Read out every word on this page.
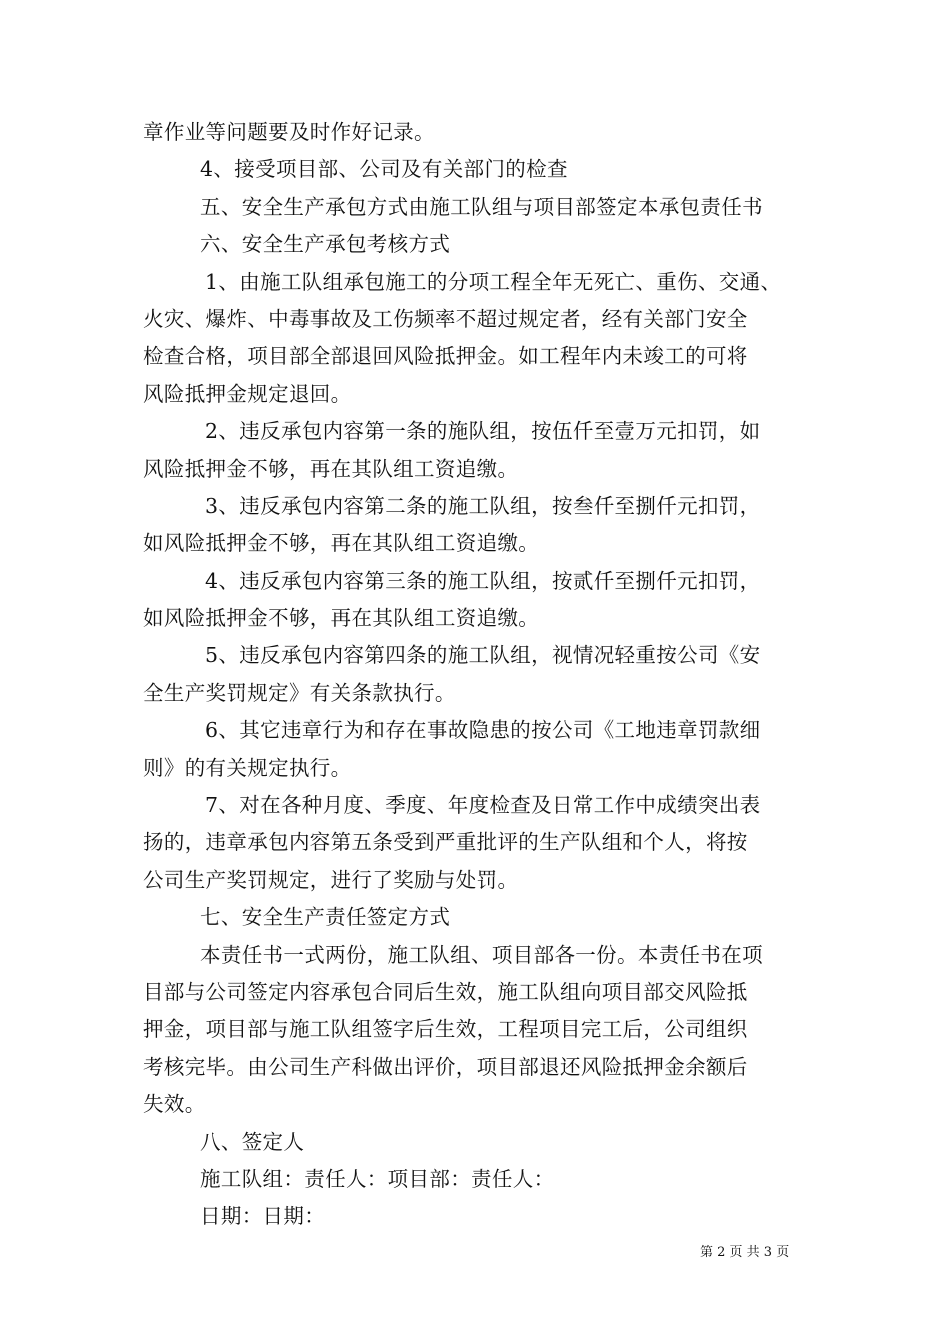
章作业等问题要及时作好记录。
4、接受项目部、公司及有关部门的检查
五、安全生产承包方式由施工队组与项目部签定本承包责任书
六、安全生产承包考核方式
1、由施工队组承包施工的分项工程全年无死亡、重伤、交通、
火灾、爆炸、中毒事故及工伤频率不超过规定者，经有关部门安全
检查合格，项目部全部退回风险抵押金。如工程年内未竣工的可将
风险抵押金规定退回。
2、违反承包内容第一条的施队组，按伍仟至壹万元扣罚，如
风险抵押金不够，再在其队组工资追缴。
3、违反承包内容第二条的施工队组，按叁仟至捌仟元扣罚，
如风险抵押金不够，再在其队组工资追缴。
4、违反承包内容第三条的施工队组，按贰仟至捌仟元扣罚，
如风险抵押金不够，再在其队组工资追缴。
5、违反承包内容第四条的施工队组，视情况轻重按公司《安
全生产奖罚规定》有关条款执行。
6、其它违章行为和存在事故隐患的按公司《工地违章罚款细
则》的有关规定执行。
7、对在各种月度、季度、年度检查及日常工作中成绩突出表
扬的，违章承包内容第五条受到严重批评的生产队组和个人，将按
公司生产奖罚规定，进行了奖励与处罚。
七、安全生产责任签定方式
本责任书一式两份，施工队组、项目部各一份。本责任书在项
目部与公司签定内容承包合同后生效，施工队组向项目部交风险抵
押金，项目部与施工队组签字后生效，工程项目完工后，公司组织
考核完毕。由公司生产科做出评价，项目部退还风险抵押金余额后
失效。
八、签定人
施工队组：责任人：项目部：责任人：
日期：日期：
第 2 页 共 3 页
